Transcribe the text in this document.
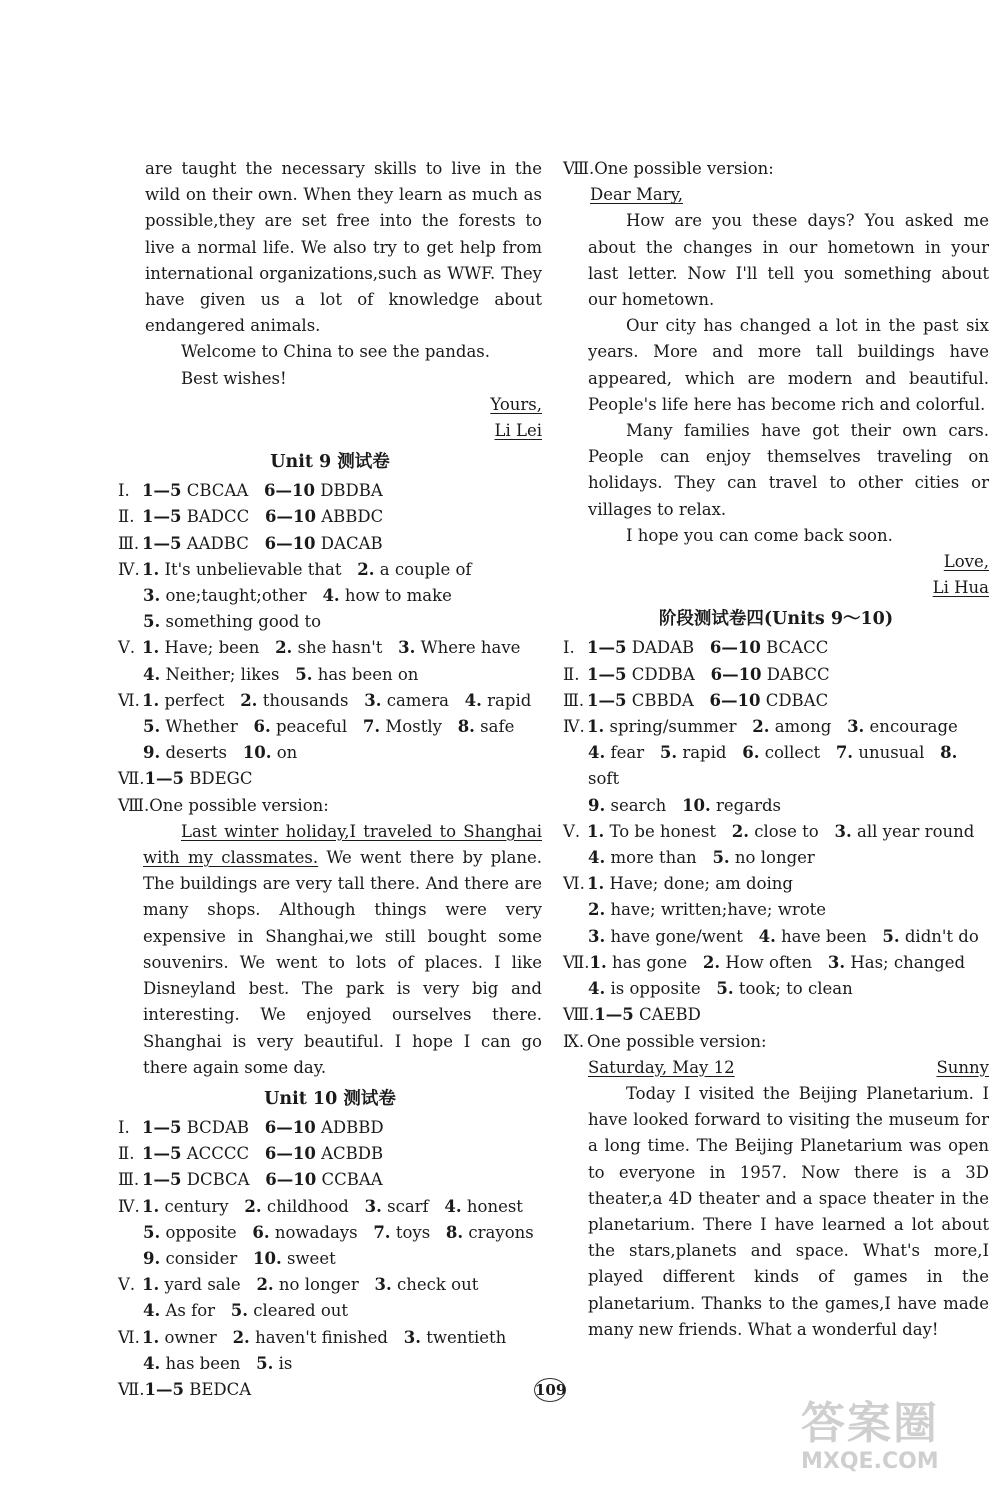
are taught the necessary skills to live in the wild on their own. When they learn as much as possible,they are set free into the forests to live a normal life. We also try to get help from international organizations,such as WWF. They have given us a lot of knowledge about endangered animals.
Welcome to China to see the pandas.
Best wishes!
Yours,
Li Lei
Unit 9 测试卷
Ⅰ. 1—5 CBCAA 6—10 DBDBA
Ⅱ. 1—5 BADCC 6—10 ABBDC
Ⅲ. 1—5 AADBC 6—10 DACAB
Ⅳ. 1. It's unbelievable that 2. a couple of
3. one;taught;other 4. how to make
5. something good to
Ⅴ. 1. Have; been 2. she hasn't 3. Where have
4. Neither; likes 5. has been on
Ⅵ. 1. perfect 2. thousands 3. camera 4. rapid
5. Whether 6. peaceful 7. Mostly 8. safe
9. deserts 10. on
Ⅶ.1—5 BDEGC
Ⅷ.One possible version:
Last winter holiday,I traveled to Shanghai with my classmates. We went there by plane. The buildings are very tall there. And there are many shops. Although things were very expensive in Shanghai,we still bought some souvenirs. We went to lots of places. I like Disneyland best. The park is very big and interesting. We enjoyed ourselves there. Shanghai is very beautiful. I hope I can go there again some day.
Unit 10 测试卷
Ⅰ. 1—5 BCDAB 6—10 ADBBD
Ⅱ. 1—5 ACCCC 6—10 ACBDB
Ⅲ. 1—5 DCBCA 6—10 CCBAA
Ⅳ. 1. century 2. childhood 3. scarf 4. honest
5. opposite 6. nowadays 7. toys 8. crayons
9. consider 10. sweet
Ⅴ. 1. yard sale 2. no longer 3. check out
4. As for 5. cleared out
Ⅵ. 1. owner 2. haven't finished 3. twentieth
4. has been 5. is
Ⅶ.1—5 BEDCA
Ⅷ.One possible version:
Dear Mary,
How are you these days? You asked me about the changes in our hometown in your last letter. Now I'll tell you something about our hometown.
Our city has changed a lot in the past six years. More and more tall buildings have appeared, which are modern and beautiful. People's life here has become rich and colorful.
Many families have got their own cars. People can enjoy themselves traveling on holidays. They can travel to other cities or villages to relax.
I hope you can come back soon.
Love,
Li Hua
阶段测试卷四(Units 9～10)
Ⅰ. 1—5 DADAB 6—10 BCACC
Ⅱ. 1—5 CDDBA 6—10 DABCC
Ⅲ. 1—5 CBBDA 6—10 CDBAC
Ⅳ. 1. spring/summer 2. among 3. encourage
4. fear 5. rapid 6. collect 7. unusual 8. soft
9. search 10. regards
Ⅴ. 1. To be honest 2. close to 3. all year round
4. more than 5. no longer
Ⅵ. 1. Have; done; am doing
2. have; written;have; wrote
3. have gone/went 4. have been 5. didn't do
Ⅶ.1. has gone 2. How often 3. Has; changed
4. is opposite 5. took; to clean
Ⅷ.1—5 CAEBD
Ⅸ. One possible version:
Saturday, May 12	Sunny
Today I visited the Beijing Planetarium. I have looked forward to visiting the museum for a long time. The Beijing Planetarium was open to everyone in 1957. Now there is a 3D theater,a 4D theater and a space theater in the planetarium. There I have learned a lot about the stars,planets and space. What's more,I played different kinds of games in the planetarium. Thanks to the games,I have made many new friends. What a wonderful day!
109
答案圈
MXQE.COM
